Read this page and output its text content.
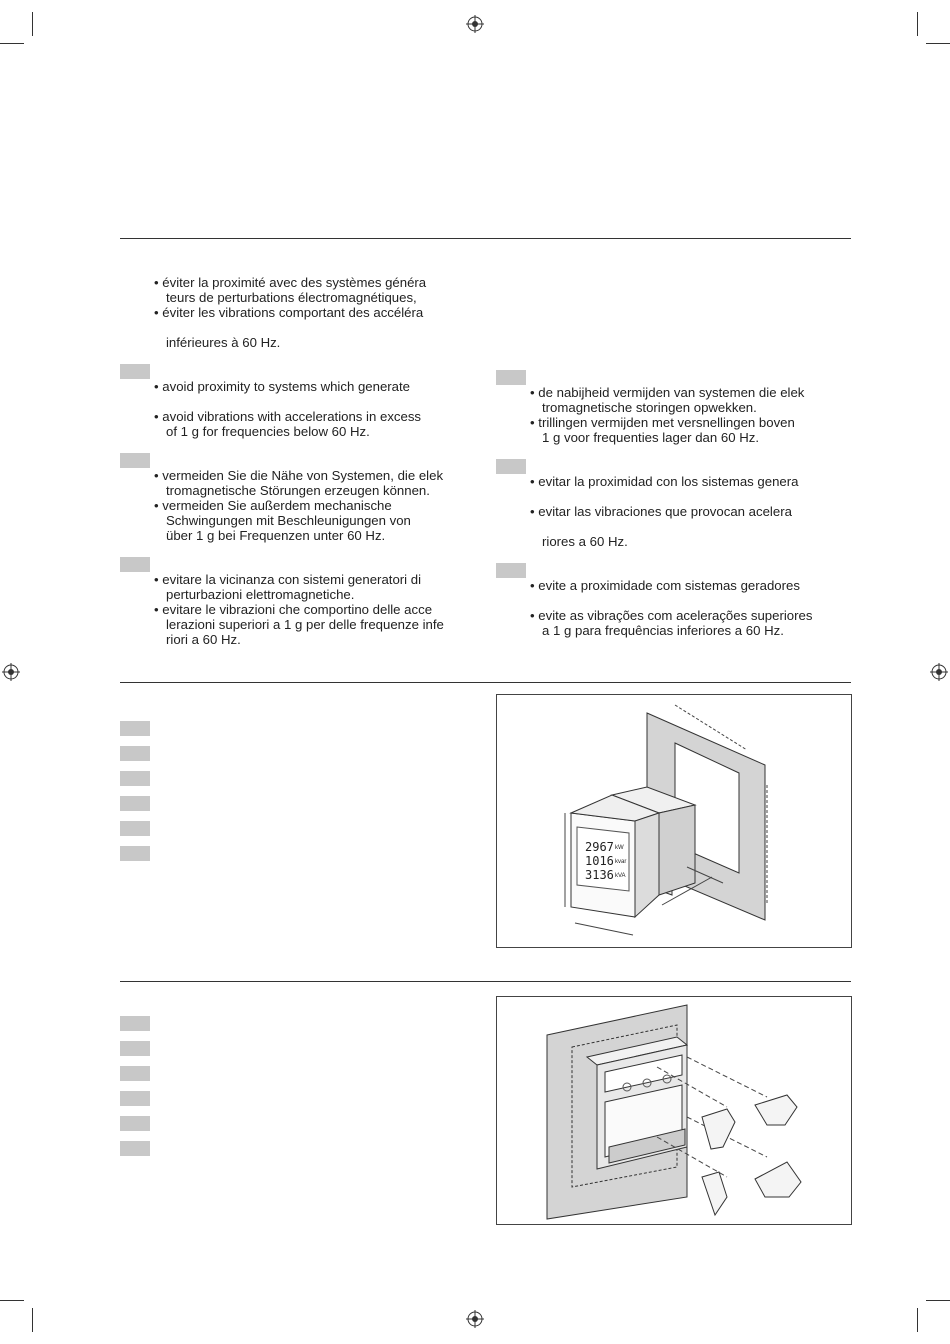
• éviter la proximité avec des systèmes généra
teurs de perturbations électromagnétiques,
• éviter les vibrations comportant des accéléra
inférieures à 60 Hz.
• avoid proximity to systems which generate
• avoid vibrations with accelerations in excess
of 1 g for frequencies below 60 Hz.
• vermeiden Sie die Nähe von Systemen, die elek
tromagnetische Störungen erzeugen können.
• vermeiden Sie außerdem mechanische
Schwingungen mit Beschleunigungen von
über 1 g bei Frequenzen unter 60 Hz.
• evitare la vicinanza con sistemi generatori di
perturbazioni elettromagnetiche.
• evitare le vibrazioni che comportino delle acce
lerazioni superiori a 1 g per delle frequenze infe
riori a 60 Hz.
• de nabijheid vermijden van systemen die elek
tromagnetische storingen opwekken.
• trillingen vermijden met versnellingen boven
1 g voor frequenties lager dan 60 Hz.
• evitar la proximidad con los sistemas genera
• evitar las vibraciones que provocan acelera
riores a 60 Hz.
• evite a proximidade com sistemas geradores
• evite as vibrações com acelerações superiores
a 1 g para frequências inferiores a 60 Hz.
2967 kW
1016 kvar
3136 kVA
